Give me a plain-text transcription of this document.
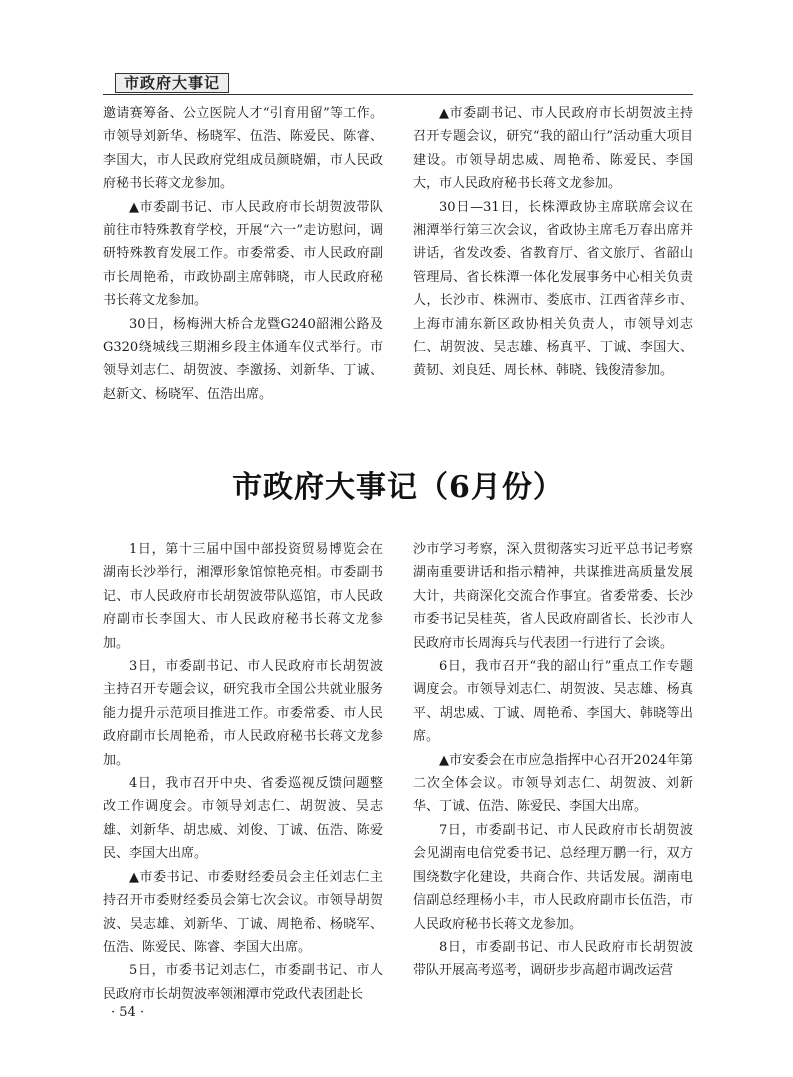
市政府大事记

邀请赛筹备、公立医院人才“引育用留”等工作。市领导刘新华、杨晓军、伍浩、陈爱民、陈睿、李国大，市人民政府党组成员颜晓媚，市人民政府秘书长蒋文龙参加。

▲市委副书记、市人民政府市长胡贺波带队前往市特殊教育学校，开展“六一”走访慰问，调研特殊教育发展工作。市委常委、市人民政府副市长周艳希，市政协副主席韩晓，市人民政府秘书长蒋文龙参加。

30日，杨梅洲大桥合龙暨G240韶湘公路及G320绕城线三期湘乡段主体通车仪式举行。市领导刘志仁、胡贺波、李激扬、刘新华、丁诚、赵新文、杨晓军、伍浩出席。

▲市委副书记、市人民政府市长胡贺波主持召开专题会议，研究“我的韶山行”活动重大项目建设。市领导胡忠威、周艳希、陈爱民、李国大，市人民政府秘书长蒋文龙参加。

30日—31日，长株潭政协主席联席会议在湘潭举行第三次会议，省政协主席毛万春出席并讲话，省发改委、省教育厅、省文旅厅、省韶山管理局、省长株潭一体化发展事务中心相关负责人，长沙市、株洲市、娄底市、江西省萍乡市、上海市浦东新区政协相关负责人，市领导刘志仁、胡贺波、吴志雄、杨真平、丁诚、李国大、黄韧、刘良廷、周长林、韩晓、钱俊清参加。

市政府大事记（6月份）

1日，第十三届中国中部投资贸易博览会在湖南长沙举行，湘潭形象馆惊艳亮相。市委副书记、市人民政府市长胡贺波带队巡馆，市人民政府副市长李国大、市人民政府秘书长蒋文龙参加。

3日，市委副书记、市人民政府市长胡贺波主持召开专题会议，研究我市全国公共就业服务能力提升示范项目推进工作。市委常委、市人民政府副市长周艳希，市人民政府秘书长蒋文龙参加。

4日，我市召开中央、省委巡视反馈问题整改工作调度会。市领导刘志仁、胡贺波、吴志雄、刘新华、胡忠威、刘俊、丁诚、伍浩、陈爱民、李国大出席。

▲市委书记、市委财经委员会主任刘志仁主持召开市委财经委员会第七次会议。市领导胡贺波、吴志雄、刘新华、丁诚、周艳希、杨晓军、伍浩、陈爱民、陈睿、李国大出席。

5日，市委书记刘志仁，市委副书记、市人民政府市长胡贺波率领湘潭市党政代表团赴长

沙市学习考察，深入贯彻落实习近平总书记考察湖南重要讲话和指示精神，共谋推进高质量发展大计，共商深化交流合作事宜。省委常委、长沙市委书记吴桂英，省人民政府副省长、长沙市人民政府市长周海兵与代表团一行进行了会谈。

6日，我市召开“我的韶山行”重点工作专题调度会。市领导刘志仁、胡贺波、吴志雄、杨真平、胡忠威、丁诚、周艳希、李国大、韩晓等出席。

▲市安委会在市应急指挥中心召开2024年第二次全体会议。市领导刘志仁、胡贺波、刘新华、丁诚、伍浩、陈爱民、李国大出席。

7日，市委副书记、市人民政府市长胡贺波会见湖南电信党委书记、总经理万鹏一行，双方围绕数字化建设，共商合作、共话发展。湖南电信副总经理杨小丰，市人民政府副市长伍浩，市人民政府秘书长蒋文龙参加。

8日，市委副书记、市人民政府市长胡贺波带队开展高考巡考，调研步步高超市调改运营

· 54 ·
